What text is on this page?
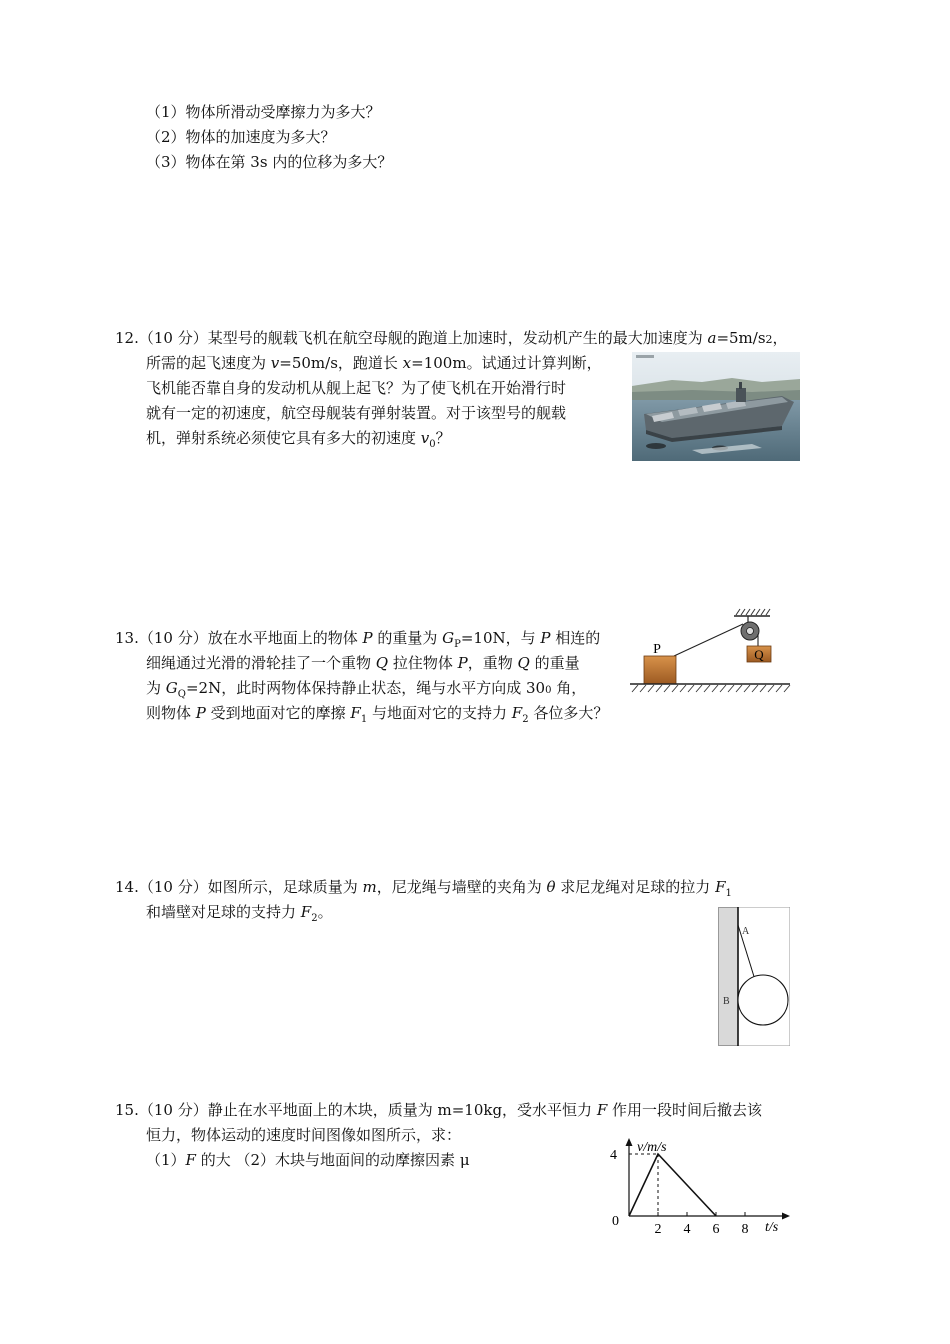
（1）物体所滑动受摩擦力为多大？
（2）物体的加速度为多大？
（3）物体在第 3s 内的位移为多大？
12.（10 分）某型号的舰载飞机在航空母舰的跑道上加速时，发动机产生的最大加速度为 a=5m/s2，
所需的起飞速度为 v=50m/s，跑道长 x=100m。试通过计算判断，
飞机能否靠自身的发动机从舰上起飞？为了使飞机在开始滑行时
就有一定的初速度，航空母舰装有弹射装置。对于该型号的舰载
机，弹射系统必须使它具有多大的初速度 $v_0$？
13.（10 分）放在水平地面上的物体 P 的重量为 $G_P=10N$，与 P 相连的
细绳通过光滑的滑轮挂了一个重物 Q 拉住物体 P，重物 Q 的重量
为 $G_Q=2N$，此时两物体保持静止状态，绳与水平方向成 300 角，
则物体 P 受到地面对它的摩擦 $F_1$ 与地面对它的支持力 $F_2$ 各位多大？
P	Q
14.（10 分）如图所示，足球质量为 m，尼龙绳与墙壁的夹角为 θ 求尼龙绳对足球的拉力 $F_1$
和墙壁对足球的支持力 $F_2$。
A
B
15.（10 分）静止在水平地面上的木块，质量为 m=10kg，受水平恒力 F 作用一段时间后撤去该
恒力，物体运动的速度时间图像如图所示，求：
（1）F 的大 （2）木块与地面间的动摩擦因素 μ
2 4 6 8
4
v/m/s
t/s
0
